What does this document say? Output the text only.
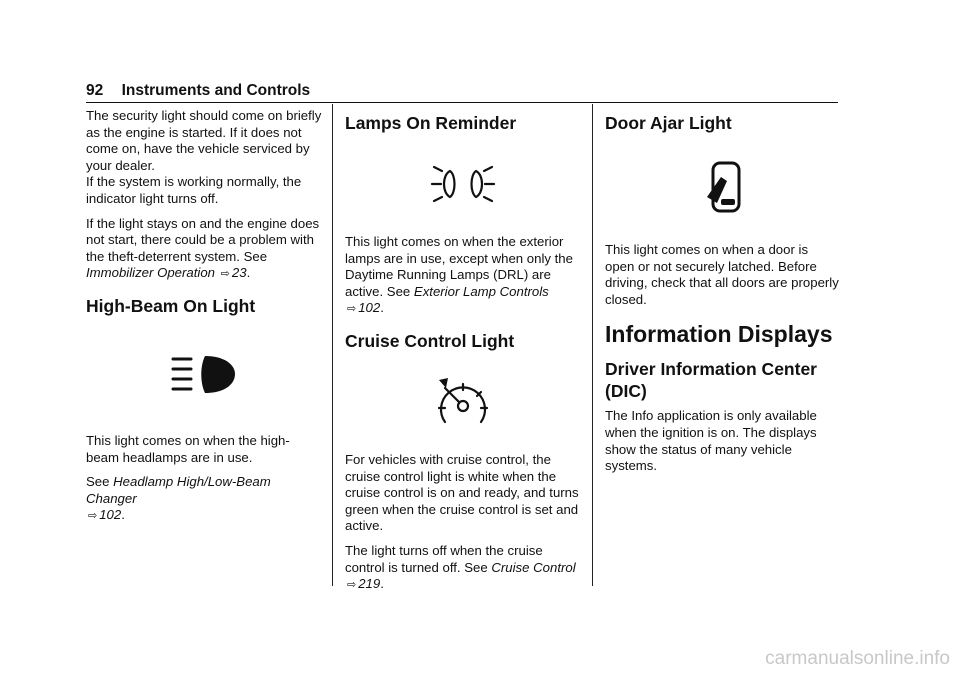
92 Instruments and Controls

The security light should come on briefly as the engine is started. If it does not come on, have the vehicle serviced by your dealer.

If the system is working normally, the indicator light turns off.

If the light stays on and the engine does not start, there could be a problem with the theft-deterrent system. See Immobilizer Operation ⇨ 23.

High-Beam On Light

This light comes on when the high-beam headlamps are in use.

See Headlamp High/Low-Beam Changer
⇨ 102.

Lamps On Reminder

This light comes on when the exterior lamps are in use, except when only the Daytime Running Lamps (DRL) are active. See Exterior Lamp Controls ⇨ 102.

Cruise Control Light

For vehicles with cruise control, the cruise control light is white when the cruise control is on and ready, and turns green when the cruise control is set and active.

The light turns off when the cruise control is turned off. See Cruise Control ⇨ 219.

Door Ajar Light

This light comes on when a door is open or not securely latched. Before driving, check that all doors are properly closed.

Information Displays
Driver Information Center (DIC)

The Info application is only available when the ignition is on. The displays show the status of many vehicle systems.

carmanualsonline.info
